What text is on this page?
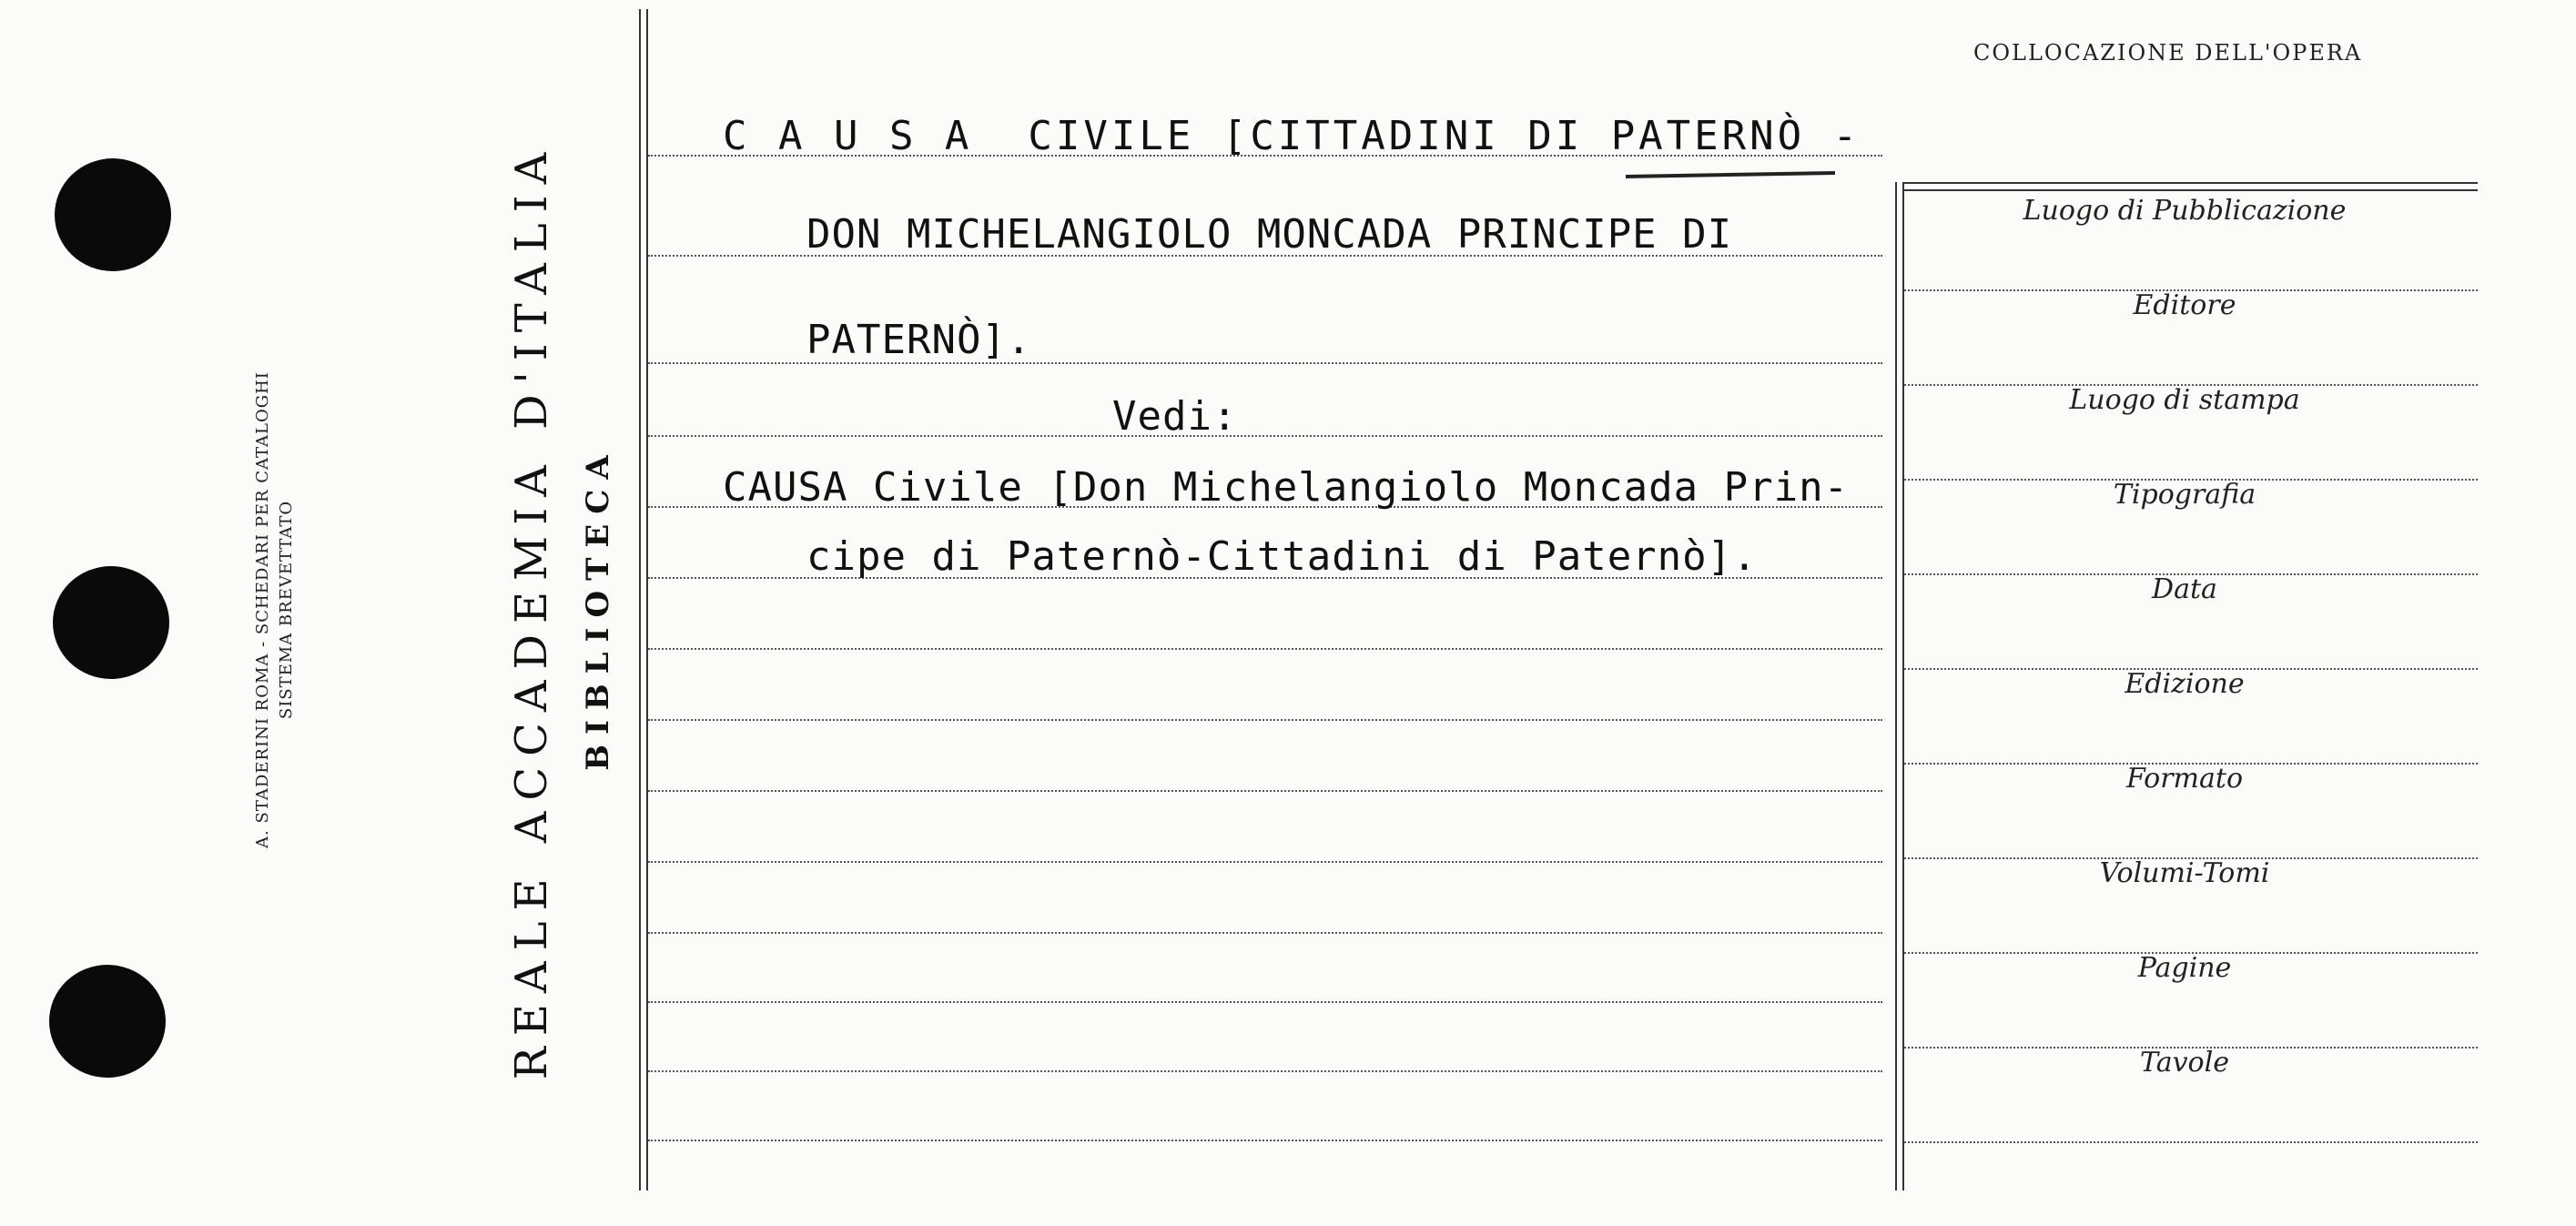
A. STADERINI ROMA - SCHEDARI PER CATALOGHI SISTEMA BREVETTATO	REALE ACCADEMIA D'ITALIA BIBLIOTECA
COLLOCAZIONE DELL'OPERA
Luogo di Pubblicazione
Editore
Luogo di stampa
Tipografia
Data
Edizione
Formato
Volumi-Tomi
Pagine
Tavole
C A U S A  CIVILE [CITTADINI DI PATERNÒ -
DON MICHELANGIOLO MONCADA PRINCIPE DI
PATERNÒ].
Vedi:
CAUSA Civile [Don Michelangiolo Moncada Prin-
cipe di Paternò-Cittadini di Paternò].
